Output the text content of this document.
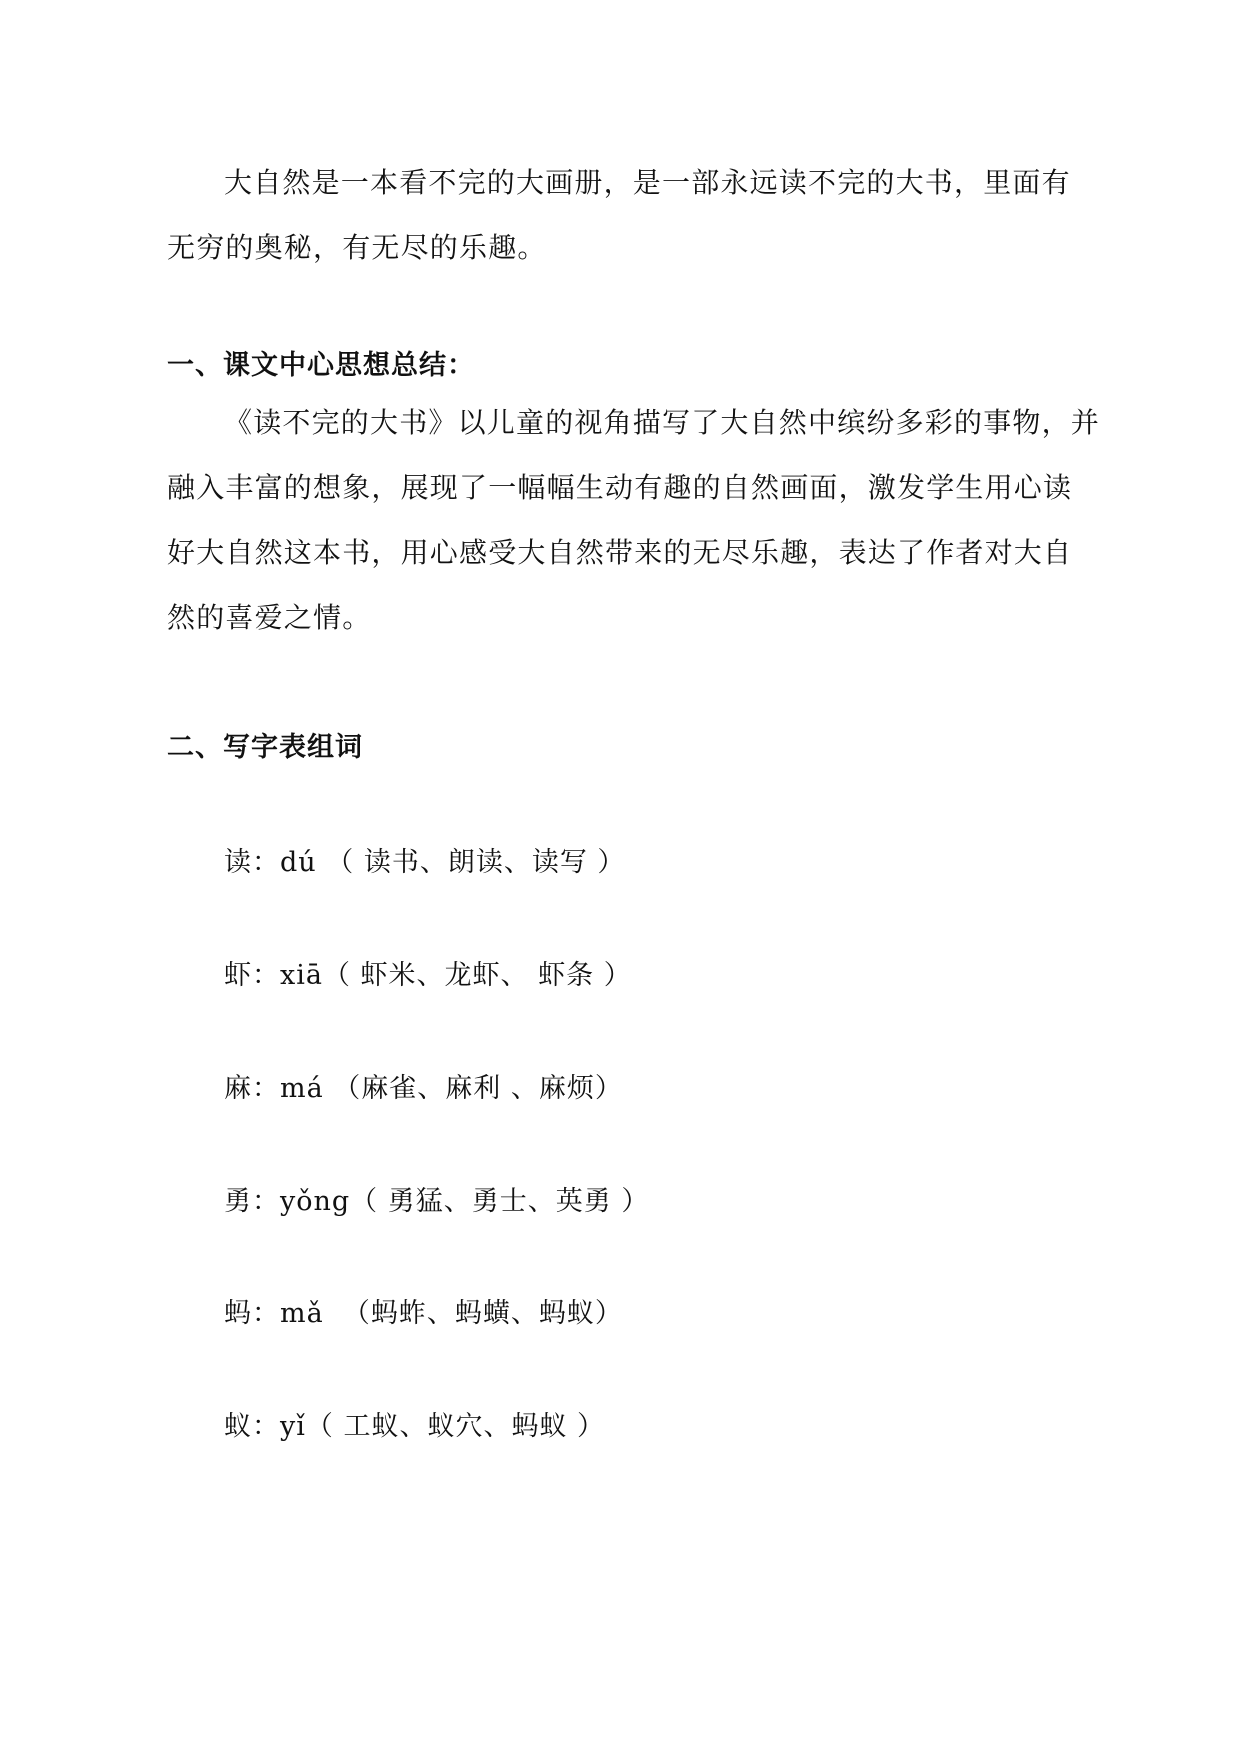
大自然是一本看不完的大画册，是一部永远读不完的大书，里面有
无穷的奥秘，有无尽的乐趣。
一、课文中心思想总结：
《读不完的大书》以儿童的视角描写了大自然中缤纷多彩的事物，并
融入丰富的想象，展现了一幅幅生动有趣的自然画面，激发学生用心读
好大自然这本书，用心感受大自然带来的无尽乐趣，表达了作者对大自
然的喜爱之情。
二、写字表组词
读：dú （ 读书、朗读、读写 ）
虾：xiā（ 虾米、龙虾、 虾条 ）
麻：má （麻雀、麻利 、麻烦）
勇：yǒng（ 勇猛、勇士、英勇 ）
蚂：mǎ  （蚂蚱、蚂蟥、蚂蚁）
蚁：yǐ（ 工蚁、蚁穴、蚂蚁 ）
